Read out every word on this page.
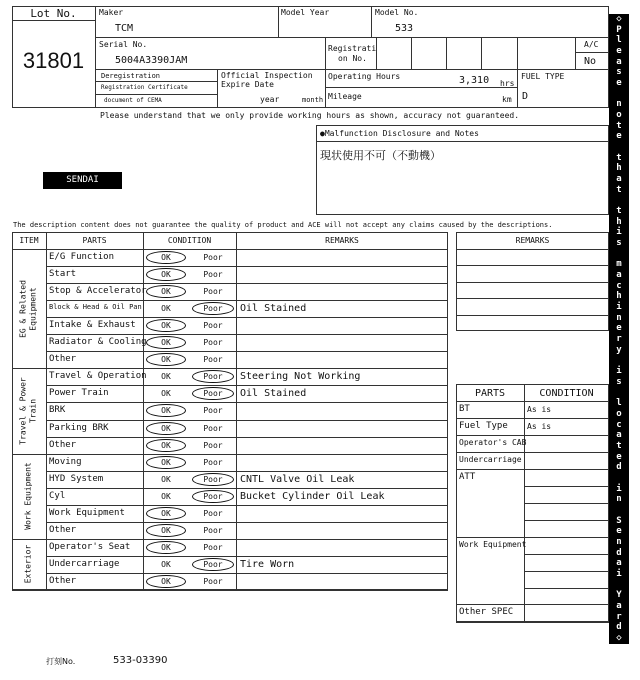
Lot No.
31801
Maker
TCM
Model Year	Model No.
533
Serial No.
5004A3390JAM
Registrati
on No.
A/C
No
Deregistration
Registration Certificate
document of CEMA
Official Inspection
Expire Date
year	month
Operating Hours	3,310 hrs
Mileage	km
FUEL TYPE
D
Please understand that we only provide working hours as shown, accuracy not guaranteed.
●Malfunction Disclosure and Notes
現状使用不可（不動機）
SENDAI
The description content does not guarantee the quality of product and ACE will not accept any claims caused by the descriptions.
ITEM	PARTS	CONDITION	REMARKS
E/G Function	OK	Poor
Start	OK	Poor
Stop & Accelerator	OK	Poor
Block & Head & Oil Pan	OK	Poor	Oil Stained
Intake & Exhaust	OK	Poor
Radiator & Cooling	OK	Poor
Other	OK	Poor
EG & Related Equipment
Travel & Operation	OK	Poor	Steering Not Working
Power Train	OK	Poor	Oil Stained
BRK	OK	Poor
Parking BRK	OK	Poor
Other	OK	Poor
Travel & Power Train
Moving	OK	Poor
HYD System	OK	Poor	CNTL Valve Oil Leak
Cyl	OK	Poor	Bucket Cylinder Oil Leak
Work Equipment	OK	Poor
Other	OK	Poor
Work Equipment
Operator's Seat	OK	Poor
Undercarriage	OK	Poor	Tire Worn
Other	OK	Poor
Exterior
REMARKS
PARTS	CONDITION
BT	As is
Fuel Type As is
Operator's CAB
Undercarriage
ATT
Work Equipment
Other SPEC
◇
P
l
e
a
s
e

n
o
t
e

t
h
a
t

t
h
i
s

m
a
c
h
i
n
e
r
y

i
s

l
o
c
a
t
e
d

i
n

S
e
n
d
a
i

Y
a
r
d
◇
打刻No.	533-03390
